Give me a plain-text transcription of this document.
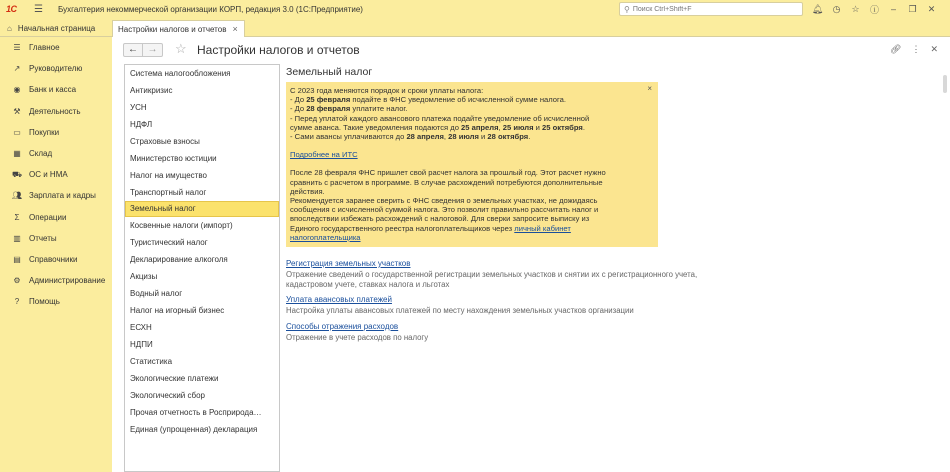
1С	☰ Бухгалтерия некоммерческой организации КОРП, редакция 3.0 (1С:Предприятие)	⚲
Поиск Ctrl+Shift+F	🔔︎	◷	☆	ⓘ	–	❐	✕
⌂ Начальная страница	Настройки налогов и отчетов ×
☰	Главное
↗	Руководителю
◉	Банк и касса
⚒	Деятельность
▭	Покупки
▦	Склад
⛟ ОС и НМА
👥︎ Зарплата и кадры
Σ	Операции
▥	Отчеты
▤	Справочники
⚙	Администрирование
?	Помощь
← →	☆ Настройки налогов и отчетов	🔗︎ ⋮ ✕
Система налогообложения
Антикризис
УСН
НДФЛ
Страховые взносы
Министерство юстиции
Налог на имущество
Транспортный налог
Земельный налог
Косвенные налоги (импорт)
Туристический налог
Декларирование алкоголя
Акцизы
Водный налог
Налог на игорный бизнес
ЕСХН
НДПИ
Статистика
Экологические платежи
Экологический сбор
Прочая отчетность в Росприрода…
Единая (упрощенная) декларация
Земельный налог
×

С 2023 года меняются порядок и сроки уплаты налога:

- До 25 февраля подайте в ФНС уведомление об исчисленной сумме налога.

- До 28 февраля уплатите налог.

- Перед уплатой каждого авансового платежа подайте уведомление об исчисленной

сумме аванса. Такие уведомления подаются до 25 апреля, 25 июля и 25 октября.

- Сами авансы уплачиваются до 28 апреля, 28 июля и 28 октября.

Подробнее на ИТС

После 28 февраля ФНС пришлет свой расчет налога за прошлый год. Этот расчет нужно

сравнить с расчетом в программе. В случае расхождений потребуются дополнительные

действия.

Рекомендуется заранее сверить с ФНС сведения о земельных участках, не дожидаясь

сообщения с исчисленной суммой налога. Это позволит правильно рассчитать налог и

впоследствии избежать расхождений с налоговой. Для сверки запросите выписку из

Единого государственного реестра налогоплательщиков через личный кабинет

налогоплательщика

Регистрация земельных участков
Отражение сведений о государственной регистрации земельных участков и снятии их с регистрационного учета, кадастровом учете, ставках налога и льготах
Уплата авансовых платежей
Настройка уплаты авансовых платежей по месту нахождения земельных участков организации
Способы отражения расходов
Отражение в учете расходов по налогу
